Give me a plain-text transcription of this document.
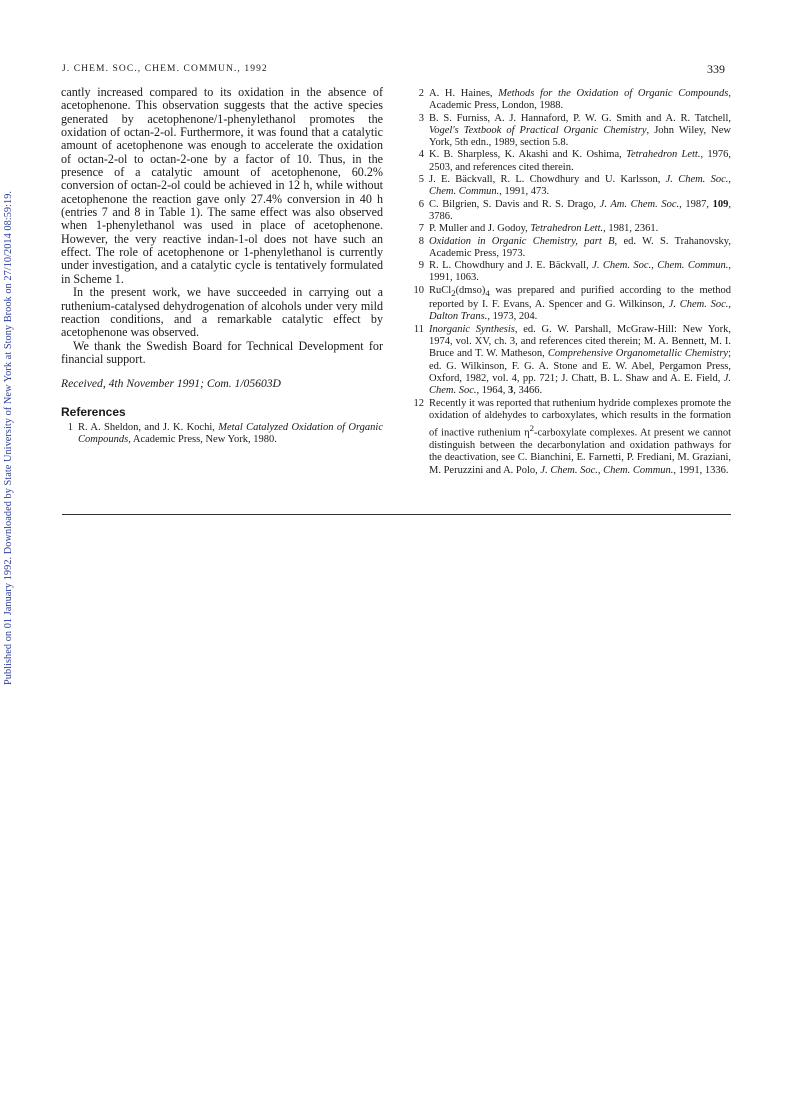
Published on 01 January 1992. Downloaded by State University of New York at Stony Brook on 27/10/2014 08:59:19.
J. CHEM. SOC., CHEM. COMMUN., 1992	339

cantly increased compared to its oxidation in the absence of acetophenone. This observation suggests that the active species generated by acetophenone/1-phenylethanol promotes the oxidation of octan-2-ol. Furthermore, it was found that a catalytic amount of acetophenone was enough to accelerate the oxidation of octan-2-ol to octan-2-one by a factor of 10. Thus, in the presence of a catalytic amount of acetophenone, 60.2% conversion of octan-2-ol could be achieved in 12 h, while without acetophenone the reaction gave only 27.4% conversion in 40 h (entries 7 and 8 in Table 1). The same effect was also observed when 1-phenylethanol was used in place of acetophenone. However, the very reactive indan-1-ol does not have such an effect. The role of acetophenone or 1-phenylethanol is currently under investigation, and a catalytic cycle is tentatively formulated in Scheme 1.

In the present work, we have succeeded in carrying out a ruthenium-catalysed dehydrogenation of alcohols under very mild reaction conditions, and a remarkable catalytic effect by acetophenone was observed.

We thank the Swedish Board for Technical Development for financial support.

Received, 4th November 1991; Com. 1/05603D
References
1 R. A. Sheldon, and J. K. Kochi, Metal Catalyzed Oxidation of Organic Compounds, Academic Press, New York, 1980.
2 A. H. Haines, Methods for the Oxidation of Organic Compounds, Academic Press, London, 1988.
3 B. S. Furniss, A. J. Hannaford, P. W. G. Smith and A. R. Tatchell, Vogel's Textbook of Practical Organic Chemistry, John Wiley, New York, 5th edn., 1989, section 5.8.
4 K. B. Sharpless, K. Akashi and K. Oshima, Tetrahedron Lett., 1976, 2503, and references cited therein.
5 J. E. Bäckvall, R. L. Chowdhury and U. Karlsson, J. Chem. Soc., Chem. Commun., 1991, 473.
6 C. Bilgrien, S. Davis and R. S. Drago, J. Am. Chem. Soc., 1987, 109, 3786.
7 P. Muller and J. Godoy, Tetrahedron Lett., 1981, 2361.
8 Oxidation in Organic Chemistry, part B, ed. W. S. Trahanovsky, Academic Press, 1973.
9 R. L. Chowdhury and J. E. Bäckvall, J. Chem. Soc., Chem. Commun., 1991, 1063.
10 $RuCl_2(dmso)_4$ was prepared and purified according to the method reported by I. F. Evans, A. Spencer and G. Wilkinson, J. Chem. Soc., Dalton Trans., 1973, 204.
11 Inorganic Synthesis, ed. G. W. Parshall, McGraw-Hill: New York, 1974, vol. XV, ch. 3, and references cited therein; M. A. Bennett, M. I. Bruce and T. W. Matheson, Comprehensive Organometallic Chemistry; ed. G. Wilkinson, F. G. A. Stone and E. W. Abel, Pergamon Press, Oxford, 1982, vol. 4, pp. 721; J. Chatt, B. L. Shaw and A. E. Field, J. Chem. Soc., 1964, 3, 3466.
12 Recently it was reported that ruthenium hydride complexes promote the oxidation of aldehydes to carboxylates, which results in the formation of inactive ruthenium $\eta^2$-carboxylate complexes. At present we cannot distinguish between the decarbonylation and oxidation pathways for the deactivation, see C. Bianchini, E. Farnetti, P. Frediani, M. Graziani, M. Peruzzini and A. Polo, J. Chem. Soc., Chem. Commun., 1991, 1336.
